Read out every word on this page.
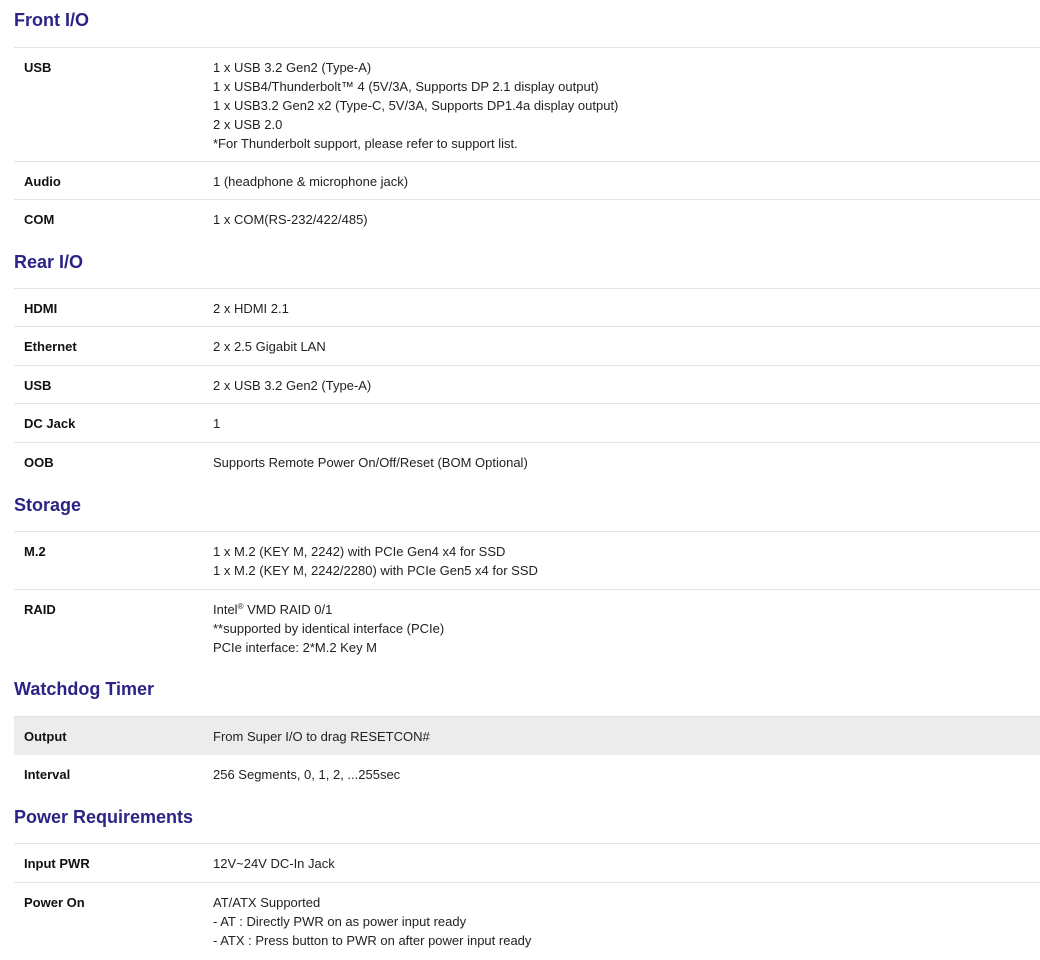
Front I/O
USB	1 x USB 3.2 Gen2 (Type-A)
1 x USB4/Thunderbolt™ 4 (5V/3A, Supports DP 2.1 display output)
1 x USB3.2 Gen2 x2 (Type-C, 5V/3A, Supports DP1.4a display output)
2 x USB 2.0
*For Thunderbolt support, please refer to support list.
Audio	1 (headphone & microphone jack)
COM	1 x COM(RS-232/422/485)
Rear I/O
HDMI	2 x HDMI 2.1
Ethernet	2 x 2.5 Gigabit LAN
USB	2 x USB 3.2 Gen2 (Type-A)
DC Jack	1
OOB	Supports Remote Power On/Off/Reset (BOM Optional)
Storage
M.2	1 x M.2 (KEY M, 2242) with PCIe Gen4 x4 for SSD
1 x M.2 (KEY M, 2242/2280) with PCIe Gen5 x4 for SSD
RAID	Intel® VMD RAID 0/1
**supported by identical interface (PCIe)
PCIe interface: 2*M.2 Key M
Watchdog Timer
Output	From Super I/O to drag RESETCON#
Interval	256 Segments, 0, 1, 2, ...255sec
Power Requirements
Input PWR	12V~24V DC-In Jack
Power On	AT/ATX Supported
- AT : Directly PWR on as power input ready
- ATX : Press button to PWR on after power input ready
